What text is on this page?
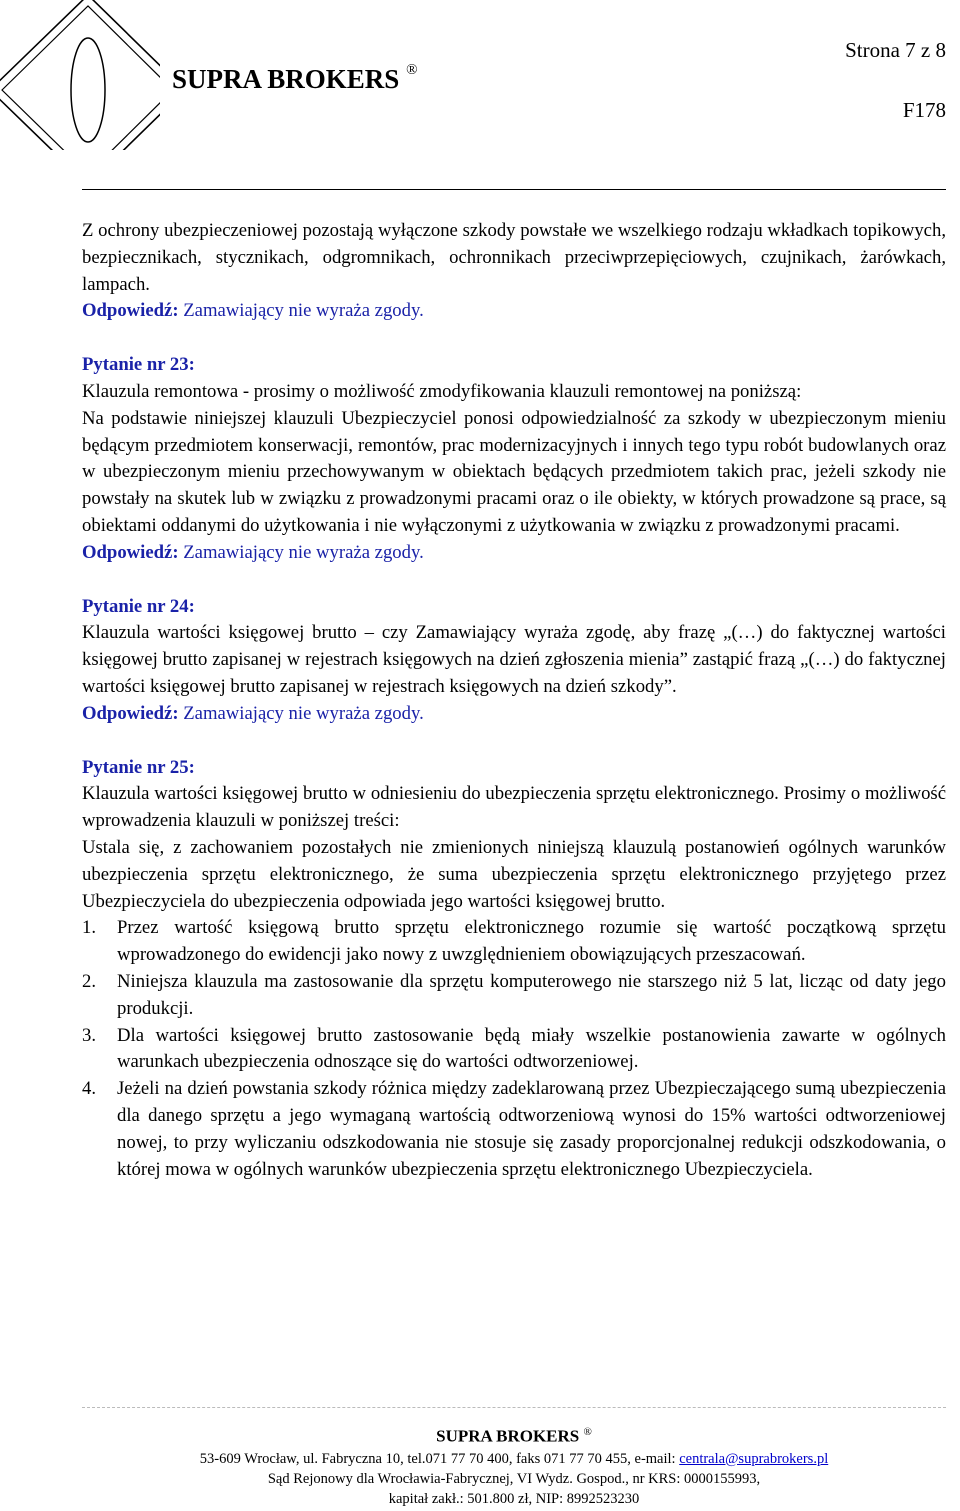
SUPRA BROKERS ®
Strona 7 z 8
F178

Z ochrony ubezpieczeniowej pozostają wyłączone szkody powstałe we wszelkiego rodzaju wkładkach topikowych, bezpiecznikach, stycznikach, odgromnikach, ochronnikach przeciwprzepięciowych, czujnikach, żarówkach, lampach.

Odpowiedź: Zamawiający nie wyraża zgody.

Pytanie nr 23:

Klauzula remontowa - prosimy o możliwość zmodyfikowania klauzuli remontowej na poniższą:

Na podstawie niniejszej klauzuli Ubezpieczyciel ponosi odpowiedzialność za szkody w ubezpieczonym mieniu będącym przedmiotem konserwacji, remontów, prac modernizacyjnych i innych tego typu robót budowlanych oraz w ubezpieczonym mieniu przechowywanym w obiektach będących przedmiotem takich prac, jeżeli szkody nie powstały na skutek lub w związku z prowadzonymi pracami oraz o ile obiekty, w których prowadzone są prace, są obiektami oddanymi do użytkowania i nie wyłączonymi z użytkowania w związku z prowadzonymi pracami.

Odpowiedź: Zamawiający nie wyraża zgody.

Pytanie nr 24:

Klauzula wartości księgowej brutto – czy Zamawiający wyraża zgodę, aby frazę „(…) do faktycznej wartości księgowej brutto zapisanej w rejestrach księgowych na dzień zgłoszenia mienia” zastąpić frazą „(…) do faktycznej wartości księgowej brutto zapisanej w rejestrach księgowych na dzień szkody”.

Odpowiedź: Zamawiający nie wyraża zgody.

Pytanie nr 25:

Klauzula wartości księgowej brutto w odniesieniu do ubezpieczenia sprzętu elektronicznego. Prosimy o możliwość wprowadzenia klauzuli w poniższej treści:

Ustala się, z zachowaniem pozostałych nie zmienionych niniejszą klauzulą postanowień ogólnych warunków ubezpieczenia sprzętu elektronicznego, że suma ubezpieczenia sprzętu elektronicznego przyjętego przez Ubezpieczyciela do ubezpieczenia odpowiada jego wartości księgowej brutto.

1. Przez wartość księgową brutto sprzętu elektronicznego rozumie się wartość początkową sprzętu wprowadzonego do ewidencji jako nowy z uwzględnieniem obowiązujących przeszacowań.
2. Niniejsza klauzula ma zastosowanie dla sprzętu komputerowego nie starszego niż 5 lat, licząc od daty jego produkcji.
3. Dla wartości księgowej brutto zastosowanie będą miały wszelkie postanowienia zawarte w ogólnych warunkach ubezpieczenia odnoszące się do wartości odtworzeniowej.
4. Jeżeli na dzień powstania szkody różnica między zadeklarowaną przez Ubezpieczającego sumą ubezpieczenia dla danego sprzętu a jego wymaganą wartością odtworzeniową wynosi do 15% wartości odtworzeniowej nowej, to przy wyliczaniu odszkodowania nie stosuje się zasady proporcjonalnej redukcji odszkodowania, o której mowa w ogólnych warunków ubezpieczenia sprzętu elektronicznego Ubezpieczyciela.
SUPRA BROKERS ®
53-609 Wrocław, ul. Fabryczna 10, tel.071 77 70 400, faks 071 77 70 455, e-mail: centrala@suprabrokers.pl
Sąd Rejonowy dla Wrocławia-Fabrycznej, VI Wydz. Gospod., nr KRS: 0000155993,
kapitał zakł.: 501.800 zł, NIP: 8992523230
